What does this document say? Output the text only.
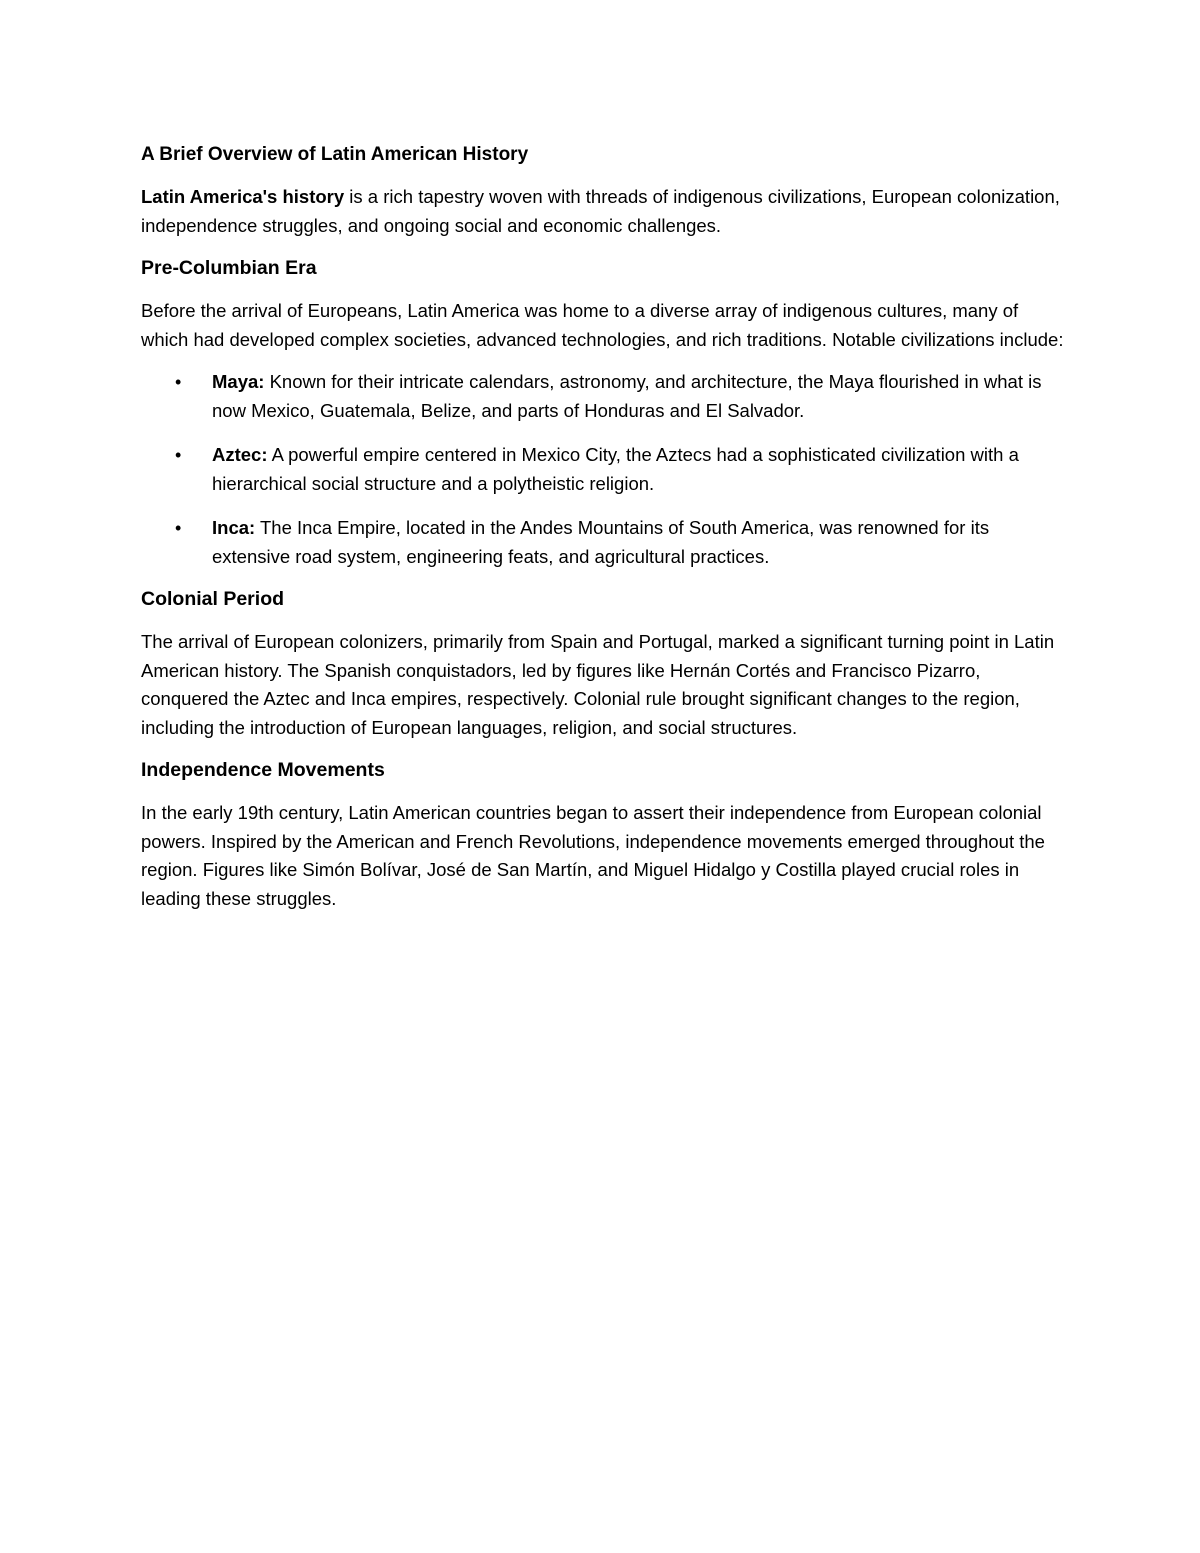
A Brief Overview of Latin American History

Latin America's history is a rich tapestry woven with threads of indigenous civilizations, European colonization, independence struggles, and ongoing social and economic challenges.

Pre-Columbian Era

Before the arrival of Europeans, Latin America was home to a diverse array of indigenous cultures, many of which had developed complex societies, advanced technologies, and rich traditions. Notable civilizations include:

• Maya: Known for their intricate calendars, astronomy, and architecture, the Maya flourished in what is now Mexico, Guatemala, Belize, and parts of Honduras and El Salvador.
• Aztec: A powerful empire centered in Mexico City, the Aztecs had a sophisticated civilization with a hierarchical social structure and a polytheistic religion.
• Inca: The Inca Empire, located in the Andes Mountains of South America, was renowned for its extensive road system, engineering feats, and agricultural practices.
Colonial Period

The arrival of European colonizers, primarily from Spain and Portugal, marked a significant turning point in Latin American history. The Spanish conquistadors, led by figures like Hernán Cortés and Francisco Pizarro, conquered the Aztec and Inca empires, respectively. Colonial rule brought significant changes to the region, including the introduction of European languages, religion, and social structures.

Independence Movements

In the early 19th century, Latin American countries began to assert their independence from European colonial powers. Inspired by the American and French Revolutions, independence movements emerged throughout the region. Figures like Simón Bolívar, José de San Martín, and Miguel Hidalgo y Costilla played crucial roles in leading these struggles.
